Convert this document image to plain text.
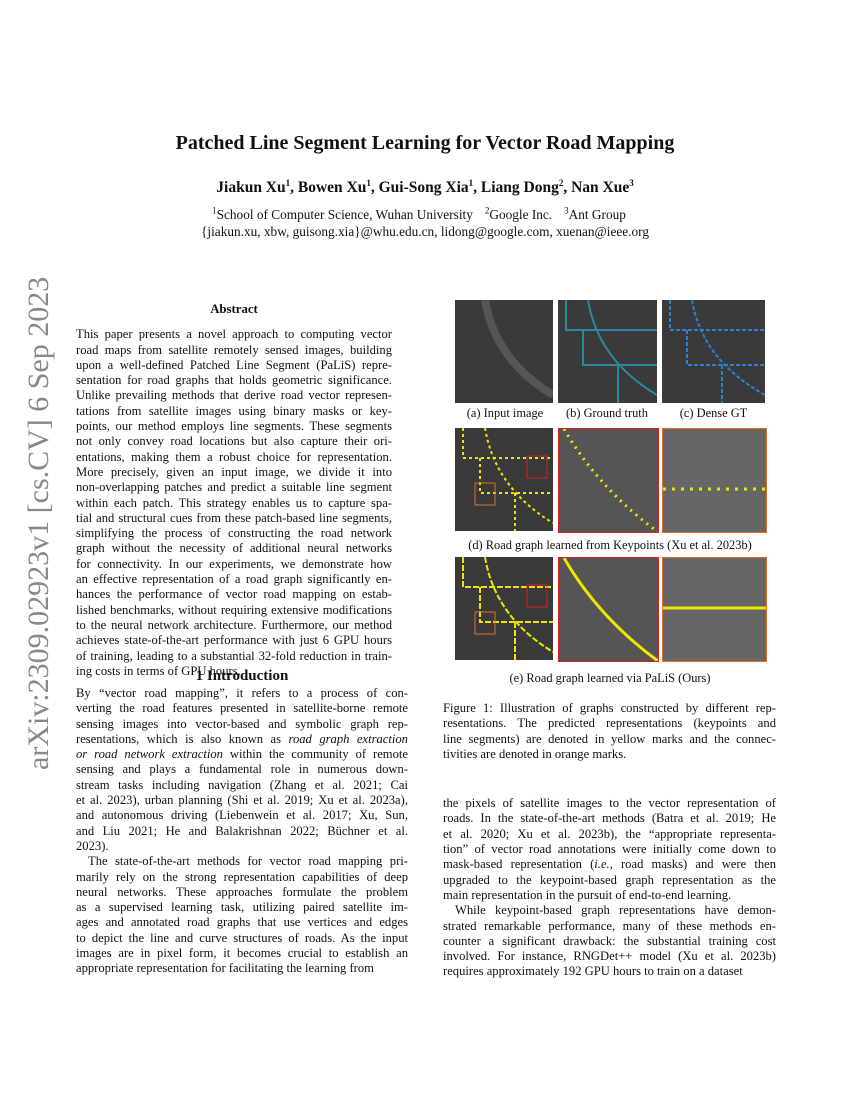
arXiv:2309.02923v1 [cs.CV] 6 Sep 2023
Patched Line Segment Learning for Vector Road Mapping
Jiakun Xu$^1$, Bowen Xu$^1$, Gui-Song Xia$^1$, Liang Dong$^2$, Nan Xue$^3$
$^1$School of Computer Science, Wuhan University $^2$Google Inc. $^3$Ant Group
{jiakun.xu, xbw, guisong.xia}@whu.edu.cn, lidong@google.com, xuenan@ieee.org
Abstract
This paper presents a novel approach to computing vector
road maps from satellite remotely sensed images, building
upon a well-defined Patched Line Segment (PaLiS) repre-
sentation for road graphs that holds geometric significance.
Unlike prevailing methods that derive road vector represen-
tations from satellite images using binary masks or key-
points, our method employs line segments. These segments
not only convey road locations but also capture their ori-
entations, making them a robust choice for representation.
More precisely, given an input image, we divide it into
non-overlapping patches and predict a suitable line segment
within each patch. This strategy enables us to capture spa-
tial and structural cues from these patch-based line segments,
simplifying the process of constructing the road network
graph without the necessity of additional neural networks
for connectivity. In our experiments, we demonstrate how
an effective representation of a road graph significantly en-
hances the performance of vector road mapping on estab-
lished benchmarks, without requiring extensive modifications
to the neural network architecture. Furthermore, our method
achieves state-of-the-art performance with just 6 GPU hours
of training, leading to a substantial 32-fold reduction in train-
ing costs in terms of GPU hours.
1 Introduction
By “vector road mapping”, it refers to a process of con-
verting the road features presented in satellite-borne remote
sensing images into vector-based and symbolic graph rep-
resentations, which is also known as road graph extraction
or road network extraction within the community of remote
sensing and plays a fundamental role in numerous down-
stream tasks including navigation (Zhang et al. 2021; Cai
et al. 2023), urban planning (Shi et al. 2019; Xu et al. 2023a),
and autonomous driving (Liebenwein et al. 2017; Xu, Sun,
and Liu 2021; He and Balakrishnan 2022; Büchner et al.
2023).
The state-of-the-art methods for vector road mapping pri-
marily rely on the strong representation capabilities of deep
neural networks. These approaches formulate the problem
as a supervised learning task, utilizing paired satellite im-
ages and annotated road graphs that use vertices and edges
to depict the line and curve structures of roads. As the input
images are in pixel form, it becomes crucial to establish an
appropriate representation for facilitating the learning from
(a) Input image	(b) Ground truth	(c) Dense GT
(d) Road graph learned from Keypoints (Xu et al. 2023b)
(e) Road graph learned via PaLiS (Ours)
Figure 1: Illustration of graphs constructed by different rep-
resentations. The predicted representations (keypoints and
line segments) are denoted in yellow marks and the connec-
tivities are denoted in orange marks.
the pixels of satellite images to the vector representation of
roads. In the state-of-the-art methods (Batra et al. 2019; He
et al. 2020; Xu et al. 2023b), the “appropriate representa-
tion” of vector road annotations were initially come down to
mask-based representation (i.e., road masks) and were then
upgraded to the keypoint-based graph representation as the
main representation in the pursuit of end-to-end learning.
While keypoint-based graph representations have demon-
strated remarkable performance, many of these methods en-
counter a significant drawback: the substantial training cost
involved. For instance, RNGDet++ model (Xu et al. 2023b)
requires approximately 192 GPU hours to train on a dataset
